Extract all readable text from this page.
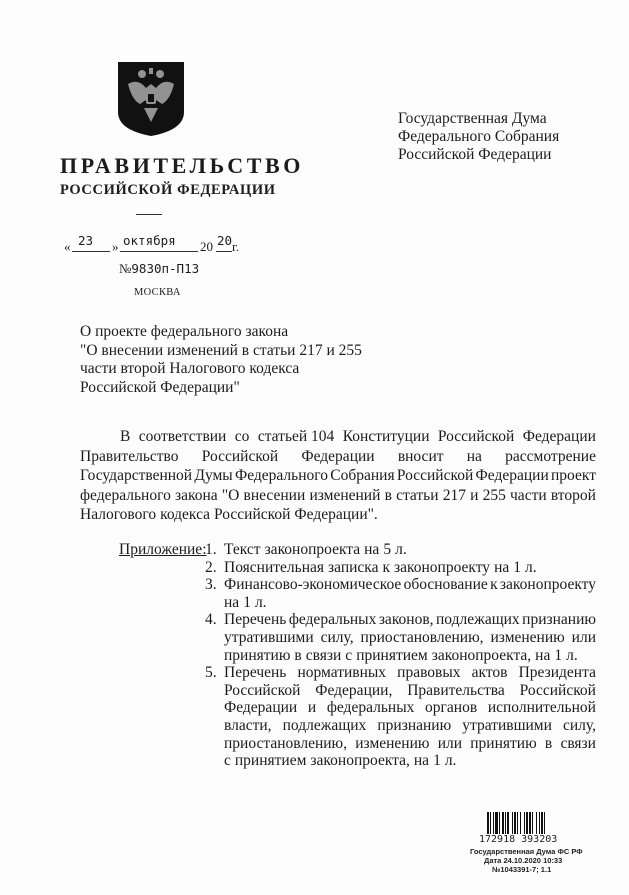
ПРАВИТЕЛЬСТВО
РОССИЙСКОЙ ФЕДЕРАЦИИ
Государственная Дума
Федерального Собрания
Российской Федерации
« 23 » октября 20 20 г.
№9830п-П13
МОСКВА
О проекте федерального закона
"О внесении изменений в статьи 217 и 255
части второй Налогового кодекса
Российской Федерации"
В соответствии со статьей 104 Конституции Российской Федерации
Правительство Российской Федерации вносит на рассмотрение
Государственной Думы Федерального Собрания Российской Федерации проект
федерального закона "О внесении изменений в статьи 217 и 255 части второй
Налогового кодекса Российской Федерации".
Приложение:
1. Текст законопроекта на 5 л.
2. Пояснительная записка к законопроекту на 1 л.
3. Финансово-экономическое обоснование к законопроекту
на 1 л.
4. Перечень федеральных законов, подлежащих признанию
утратившими силу, приостановлению, изменению или
принятию в связи с принятием законопроекта, на 1 л.
5. Перечень нормативных правовых актов Президента
Российской Федерации, Правительства Российской
Федерации и федеральных органов исполнительной
власти, подлежащих признанию утратившими силу,
приостановлению, изменению или принятию в связи
с принятием законопроекта, на 1 л.
172918 393203
Государственная Дума ФС РФ
Дата 24.10.2020 10:33
№1043391-7; 1.1
